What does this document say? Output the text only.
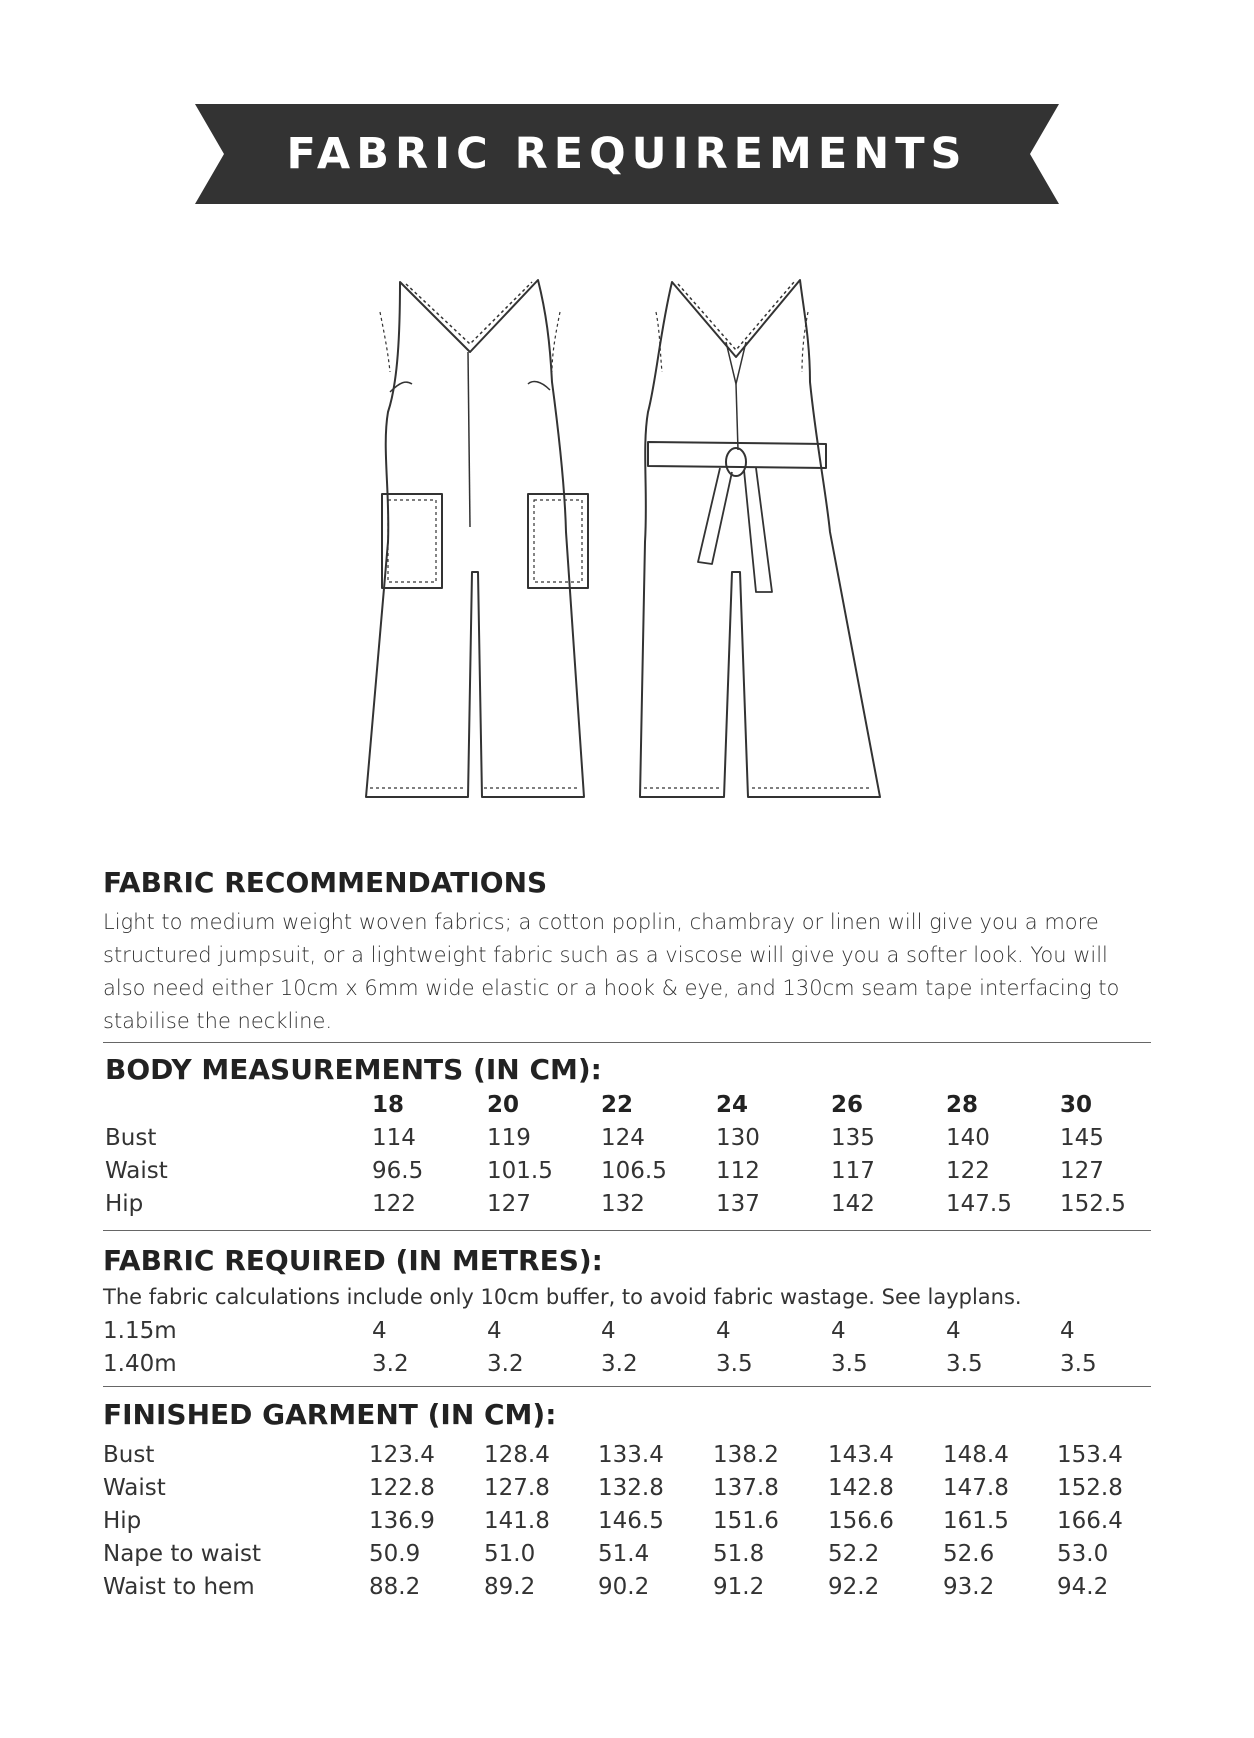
FABRIC REQUIREMENTS
FABRIC RECOMMENDATIONS
Light to medium weight woven fabrics; a cotton poplin, chambray or linen will give you a more structured jumpsuit, or a lightweight fabric such as a viscose will give you a softer look. You will also need either 10cm x 6mm wide elastic or a hook & eye, and 130cm seam tape interfacing to stabilise the neckline.
BODY MEASUREMENTS (IN CM):
18	20	22	24	26	28	30
Bust	114	119	124	130	135	140	145
Waist	96.5	101.5 106.5 112	117	122	127
Hip	122	127	132	137	142	147.5 152.5
FABRIC REQUIRED (IN METRES):
The fabric calculations include only 10cm buffer, to avoid fabric wastage. See layplans.
1.15m	4	4	4	4	4	4	4
1.40m	3.2	3.2	3.2	3.5	3.5	3.5	3.5
FINISHED GARMENT (IN CM):
Bust	123.4 128.4 133.4 138.2 143.4 148.4 153.4
Waist	122.8 127.8 132.8 137.8 142.8 147.8 152.8
Hip	136.9 141.8 146.5 151.6 156.6 161.5 166.4
Nape to waist	50.9	51.0	51.4	51.8	52.2	52.6	53.0
Waist to hem	88.2	89.2	90.2	91.2	92.2	93.2	94.2
